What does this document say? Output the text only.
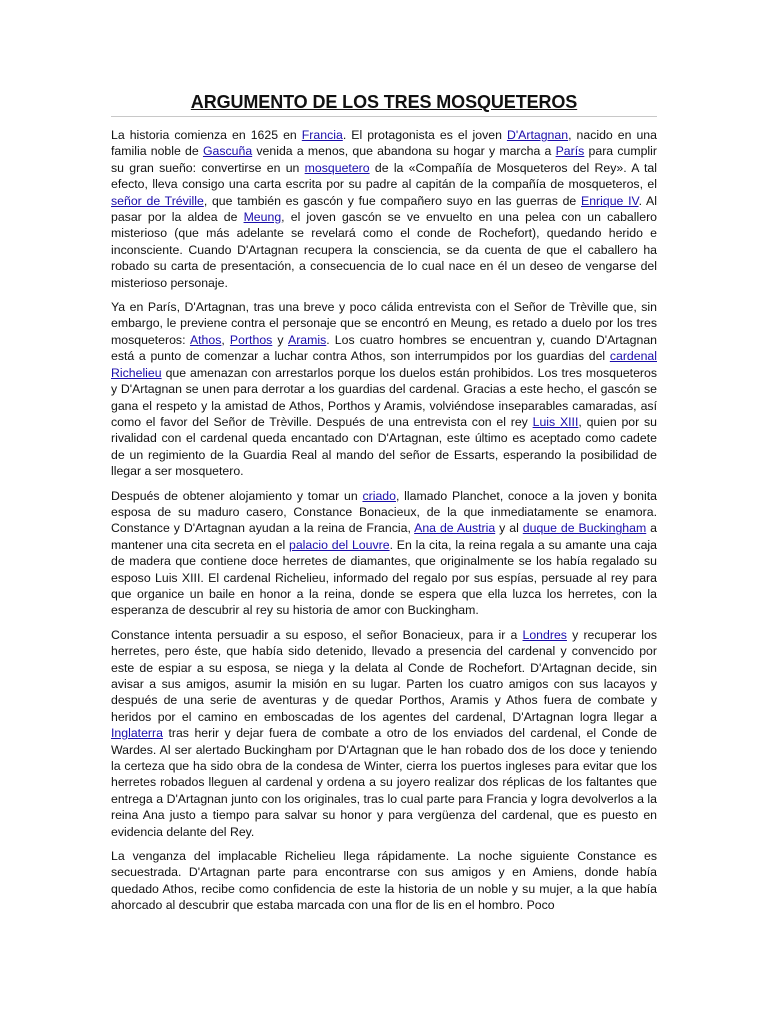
ARGUMENTO DE LOS TRES MOSQUETEROS

La historia comienza en 1625 en Francia. El protagonista es el joven D'Artagnan, nacido en una familia noble de Gascuña venida a menos, que abandona su hogar y marcha a París para cumplir su gran sueño: convertirse en un mosquetero de la «Compañía de Mosqueteros del Rey». A tal efecto, lleva consigo una carta escrita por su padre al capitán de la compañía de mosqueteros, el señor de Tréville, que también es gascón y fue compañero suyo en las guerras de Enrique IV. Al pasar por la aldea de Meung, el joven gascón se ve envuelto en una pelea con un caballero misterioso (que más adelante se revelará como el conde de Rochefort), quedando herido e inconsciente. Cuando D'Artagnan recupera la consciencia, se da cuenta de que el caballero ha robado su carta de presentación, a consecuencia de lo cual nace en él un deseo de vengarse del misterioso personaje.

Ya en París, D'Artagnan, tras una breve y poco cálida entrevista con el Señor de Trèville que, sin embargo, le previene contra el personaje que se encontró en Meung, es retado a duelo por los tres mosqueteros: Athos, Porthos y Aramis. Los cuatro hombres se encuentran y, cuando D'Artagnan está a punto de comenzar a luchar contra Athos, son interrumpidos por los guardias del cardenal Richelieu que amenazan con arrestarlos porque los duelos están prohibidos. Los tres mosqueteros y D'Artagnan se unen para derrotar a los guardias del cardenal. Gracias a este hecho, el gascón se gana el respeto y la amistad de Athos, Porthos y Aramis, volviéndose inseparables camaradas, así como el favor del Señor de Trèville. Después de una entrevista con el rey Luis XIII, quien por su rivalidad con el cardenal queda encantado con D'Artagnan, este último es aceptado como cadete de un regimiento de la Guardia Real al mando del señor de Essarts, esperando la posibilidad de llegar a ser mosquetero.

Después de obtener alojamiento y tomar un criado, llamado Planchet, conoce a la joven y bonita esposa de su maduro casero, Constance Bonacieux, de la que inmediatamente se enamora. Constance y D'Artagnan ayudan a la reina de Francia, Ana de Austria y al duque de Buckingham a mantener una cita secreta en el palacio del Louvre. En la cita, la reina regala a su amante una caja de madera que contiene doce herretes de diamantes, que originalmente se los había regalado su esposo Luis XIII. El cardenal Richelieu, informado del regalo por sus espías, persuade al rey para que organice un baile en honor a la reina, donde se espera que ella luzca los herretes, con la esperanza de descubrir al rey su historia de amor con Buckingham.

Constance intenta persuadir a su esposo, el señor Bonacieux, para ir a Londres y recuperar los herretes, pero éste, que había sido detenido, llevado a presencia del cardenal y convencido por este de espiar a su esposa, se niega y la delata al Conde de Rochefort. D'Artagnan decide, sin avisar a sus amigos, asumir la misión en su lugar. Parten los cuatro amigos con sus lacayos y después de una serie de aventuras y de quedar Porthos, Aramis y Athos fuera de combate y heridos por el camino en emboscadas de los agentes del cardenal, D'Artagnan logra llegar a Inglaterra tras herir y dejar fuera de combate a otro de los enviados del cardenal, el Conde de Wardes. Al ser alertado Buckingham por D'Artagnan que le han robado dos de los doce y teniendo la certeza que ha sido obra de la condesa de Winter, cierra los puertos ingleses para evitar que los herretes robados lleguen al cardenal y ordena a su joyero realizar dos réplicas de los faltantes que entrega a D'Artagnan junto con los originales, tras lo cual parte para Francia y logra devolverlos a la reina Ana justo a tiempo para salvar su honor y para vergüenza del cardenal, que es puesto en evidencia delante del Rey.

La venganza del implacable Richelieu llega rápidamente. La noche siguiente Constance es secuestrada. D'Artagnan parte para encontrarse con sus amigos y en Amiens, donde había quedado Athos, recibe como confidencia de este la historia de un noble y su mujer, a la que había ahorcado al descubrir que estaba marcada con una flor de lis en el hombro. Poco
